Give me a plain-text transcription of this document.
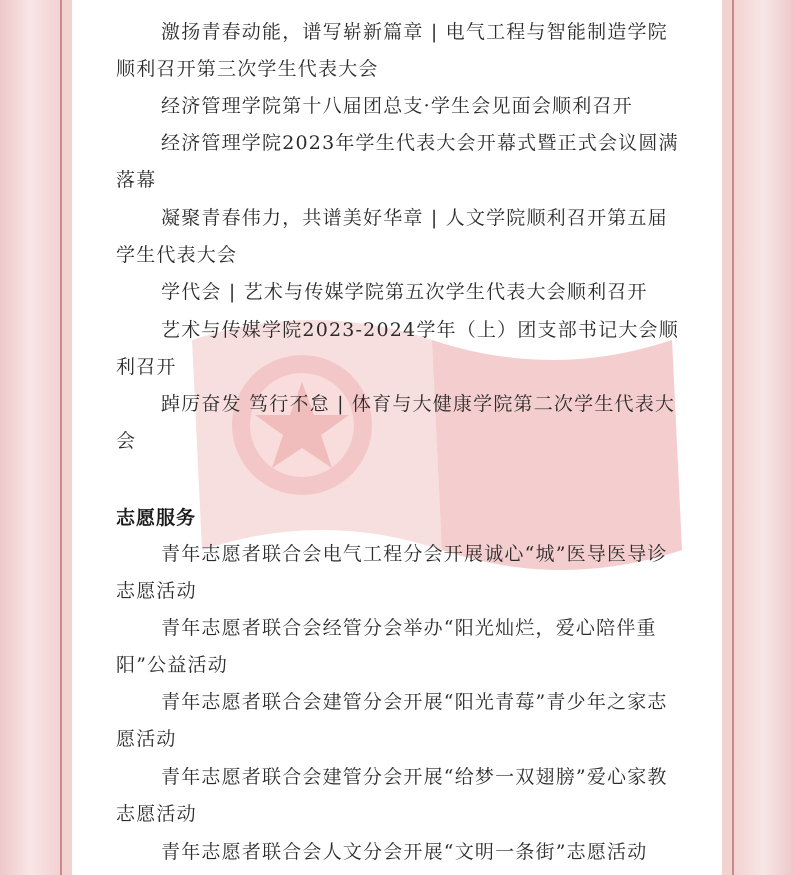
激扬青春动能，谱写崭新篇章 | 电气工程与智能制造学院顺利召开第三次学生代表大会

经济管理学院第十八届团总支·学生会见面会顺利召开

经济管理学院2023年学生代表大会开幕式暨正式会议圆满落幕

凝聚青春伟力，共谱美好华章 | 人文学院顺利召开第五届学生代表大会

学代会 | 艺术与传媒学院第五次学生代表大会顺利召开

艺术与传媒学院2023-2024学年（上）团支部书记大会顺利召开

踔厉奋发 笃行不怠 | 体育与大健康学院第二次学生代表大会

志愿服务

青年志愿者联合会电气工程分会开展诚心“城”医导医导诊志愿活动

青年志愿者联合会经管分会举办“阳光灿烂，爱心陪伴重阳”公益活动

青年志愿者联合会建管分会开展“阳光青莓”青少年之家志愿活动

青年志愿者联合会建管分会开展“给梦一双翅膀”爱心家教志愿活动

青年志愿者联合会人文分会开展“文明一条街”志愿活动
